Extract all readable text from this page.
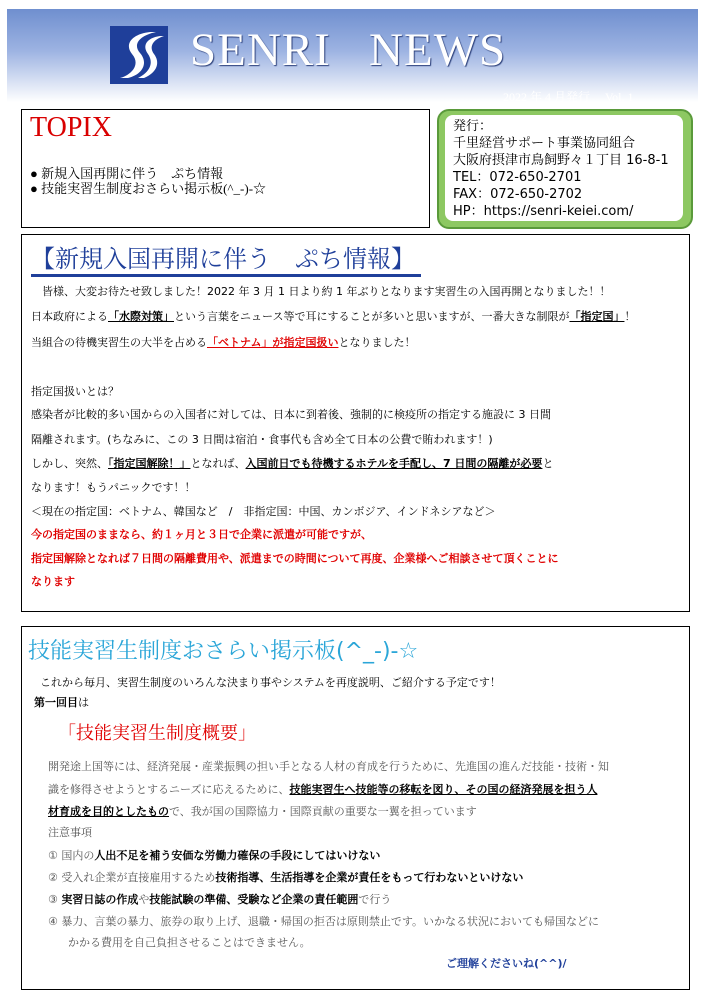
SENRI   NEWS
2022 年 4 月発行　 Vol. 1
TOPIX
● 新規入国再開に伴う　ぷち情報
● 技能実習生制度おさらい掲示板(^_-)-☆
発行：
千里経営サポート事業協同組合
大阪府摂津市鳥飼野々１丁目 16-8-1
TEL：072-650-2701
FAX：072-650-2702
HP：https://senri-keiei.com/
【新規入国再開に伴う　ぷち情報】
皆様、大変お待たせ致しました！2022 年 3 月 1 日より約 1 年ぶりとなります実習生の入国再開となりました！！
日本政府による「水際対策」という言葉をニュース等で耳にすることが多いと思いますが、一番大きな制限が「指定国」！
当組合の待機実習生の大半を占める「ベトナム」が指定国扱いとなりました！
指定国扱いとは？
感染者が比較的多い国からの入国者に対しては、日本に到着後、強制的に検疫所の指定する施設に 3 日間
隔離されます。(ちなみに、この 3 日間は宿泊・食事代も含め全て日本の公費で賄われます！)
しかし、突然、「指定国解除！」となれば、入国前日でも待機するホテルを手配し、7 日間の隔離が必要と
なります！もうパニックです！！
＜現在の指定国：ベトナム、韓国など　/　非指定国：中国、カンボジア、インドネシアなど＞
今の指定国のままなら、約１ヶ月と３日で企業に派遣が可能ですが、
指定国解除となれば７日間の隔離費用や、派遣までの時間について再度、企業様へご相談させて頂くことに
なります
技能実習生制度おさらい掲示板(^_-)-☆
これから毎月、実習生制度のいろんな決まり事やシステムを再度説明、ご紹介する予定です！
第一回目は
「技能実習生制度概要」
開発途上国等には、経済発展・産業振興の担い手となる人材の育成を行うために、先進国の進んだ技能・技術・知
識を修得させようとするニーズに応えるために、技能実習生へ技能等の移転を図り、その国の経済発展を担う人
材育成を目的としたもので、我が国の国際協力・国際貢献の重要な一翼を担っています
注意事項
① 国内の人出不足を補う安価な労働力確保の手段にしてはいけない
② 受入れ企業が直接雇用するため技術指導、生活指導を企業が責任をもって行わないといけない
③ 実習日誌の作成や技能試験の準備、受験など企業の責任範囲で行う
④ 暴力、言葉の暴力、旅券の取り上げ、退職・帰国の拒否は原則禁止です。いかなる状況においても帰国などに
かかる費用を自己負担させることはできません。
ご理解くださいね(^^)/
